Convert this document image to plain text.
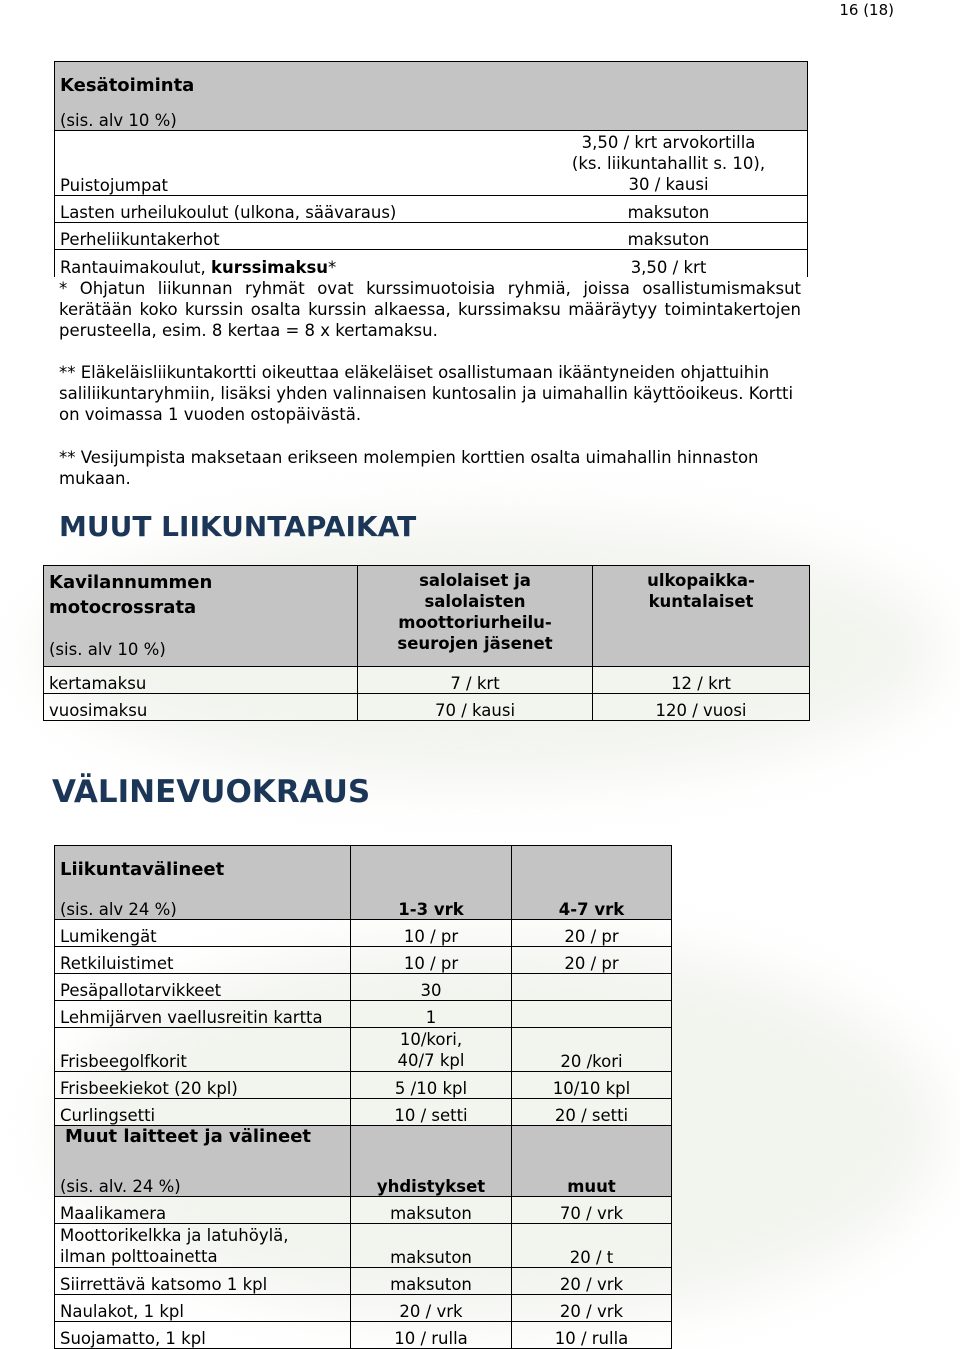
16 (18)
Kesätoiminta	
(sis. alv 10 %)	
Puistojumpat	3,50 / krt arvokortilla
(ks. liikuntahallit s. 10),
30 / kausi

Lasten urheilukoulut (ulkona, säävaraus)	maksuton
Perheliikuntakerhot	maksuton
Rantauimakoulut, kurssimaksu*	3,50 / krt
* Ohjatun liikunnan ryhmät ovat kurssimuotoisia ryhmiä, joissa osallistumismaksut kerätään koko kurssin osalta kurssin alkaessa, kurssimaksu määräytyy toimintakertojen perusteella, esim. 8 kertaa = 8 x kertamaksu.
** Eläkeläisliikuntakortti oikeuttaa eläkeläiset osallistumaan ikääntyneiden ohjattuihin saliliikuntaryhmiin, lisäksi yhden valinnaisen kuntosalin ja uimahallin käyttöoikeus. Kortti on voimassa 1 vuoden ostopäivästä.
** Vesijumpista maksetaan erikseen molempien korttien osalta uimahallin hinnaston mukaan.
MUUT LIIKUNTAPAIKAT
Kavilannummen motocrossrata
(sis. alv 10 %)	salolaiset ja salolaisten moottoriurheilu-seurojen jäsenet	ulkopaikka-kuntalaiset

kertamaksu	7 / krt	12 / krt
vuosimaksu	70 / kausi	120 / vuosi
VÄLINEVUOKRAUS
Liikuntavälineet		
(sis. alv 24 %)	1-3 vrk	4-7 vrk
Lumikengät	10 / pr	20 / pr
Retkiluistimet	10 / pr	20 / pr
Pesäpallotarvikkeet	30	
Lehmijärven vaellusreitin kartta	1	
Frisbeegolfkorit	10/kori, 40/7 kpl	20 /kori
Frisbeekiekot (20 kpl)	5 /10 kpl	10/10 kpl
Curlingsetti	10 / setti	20 / setti
Muut laitteet ja välineet		
(sis. alv. 24 %)	yhdistykset	muut
Maalikamera	maksuton	70 / vrk

Moottorikelkka ja latuhöylä, ilman polttoainetta	maksuton	20 / t
Siirrettävä katsomo 1 kpl	maksuton	20 / vrk
Naulakot, 1 kpl	20 / vrk	20 / vrk
Suojamatto, 1 kpl	10 / rulla	10 / rulla
